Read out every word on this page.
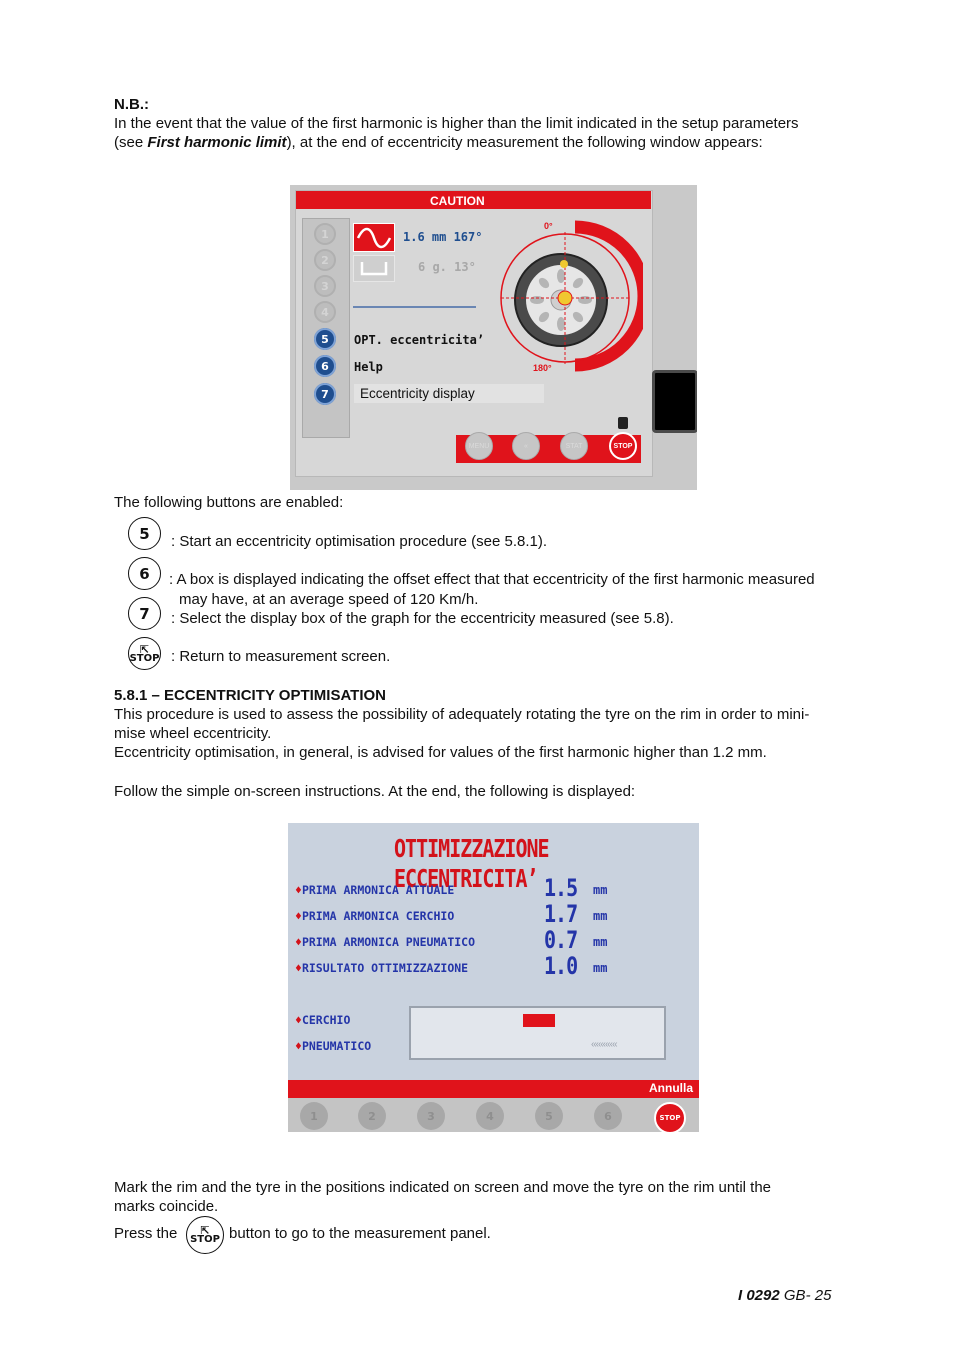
N.B.:
In the event that the value of the first harmonic is higher than the limit indicated in the setup parameters
(see First harmonic limit), at the end of eccentricity measurement the following window appears:
CAUTION
1
2
3
4
5
6
7
1.6 mm 167°
6 g. 13°
OPT. eccentricita’
Help
Eccentricity display
0°
180°
MENU	«	STAT	STOP
The following buttons are enabled:
5	: Start an eccentricity optimisation procedure (see 5.8.1).
6	: A box is displayed indicating the offset effect that that eccentricity of the first harmonic measured
may have, at an average speed of 120 Km/h.
7	: Select the display box of the graph for the eccentricity measured (see 5.8).
⇱
STOP : Return to measurement screen.
5.8.1 – ECCENTRICITY OPTIMISATION
This procedure is used to assess the possibility of adequately rotating the tyre on the rim in order to mini-
mise wheel eccentricity.
Eccentricity optimisation, in general, is advised for values of the first harmonic higher than 1.2 mm.
Follow the simple on-screen instructions. At the end, the following is displayed:
OTTIMIZZAZIONE ECCENTRICITA’
♦PRIMA ARMONICA ATTUALE	1.5 mm
♦PRIMA ARMONICA CERCHIO	1.7 mm
♦PRIMA ARMONICA PNEUMATICO	0.7 mm
♦RISULTATO OTTIMIZZAZIONE	1.0 mm
♦CERCHIO
♦PNEUMATICO	‹‹‹‹‹‹‹‹‹‹‹
Annulla
1	2	3	4	5	6	STOP
Mark the rim and the tyre in the positions indicated on screen and move the tyre on the rim until the
marks coincide.
Press the	⇱
STOP button to go to the measurement panel.
I 0292 GB- 25
